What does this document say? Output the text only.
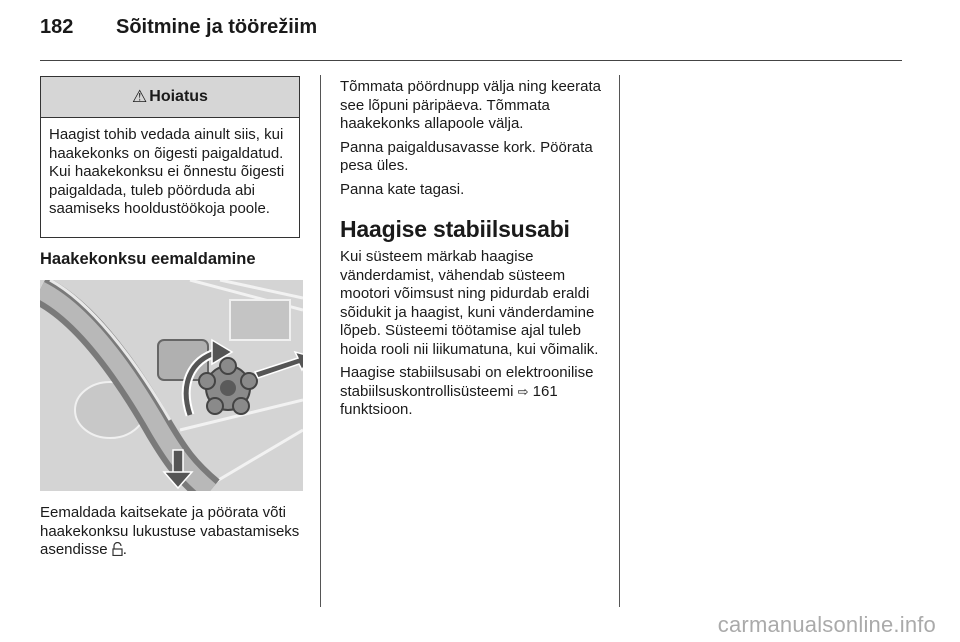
182	Sõitmine ja töörežiim
⚠ Hoiatus
Haagist tohib vedada ainult siis, kui haakekonks on õigesti paigaldatud. Kui haakekonksu ei õnnestu õigesti paigaldada, tuleb pöörduda abi saamiseks hooldustöökoja poole.
Haakekonksu eemaldamine
Eemaldada kaitsekate ja pöörata võti haakekonksu lukustuse vabastamiseks asendisse .

Tõmmata pöördnupp välja ning keerata see lõpuni päripäeva. Tõmmata haakekonks allapoole välja.

Panna paigaldusavasse kork. Pöörata pesa üles.

Panna kate tagasi.

Haagise stabiilsusabi

Kui süsteem märkab haagise vänderdamist, vähendab süsteem mootori võimsust ning pidurdab eraldi sõidukit ja haagist, kuni vänderdamine lõpeb. Süsteemi töötamise ajal tuleb hoida rooli nii liikumatuna, kui võimalik.

Haagise stabiilsusabi on elektroonilise stabiilsuskontrollisüsteemi ⇨ 161 funktsioon.

carmanualsonline.info
